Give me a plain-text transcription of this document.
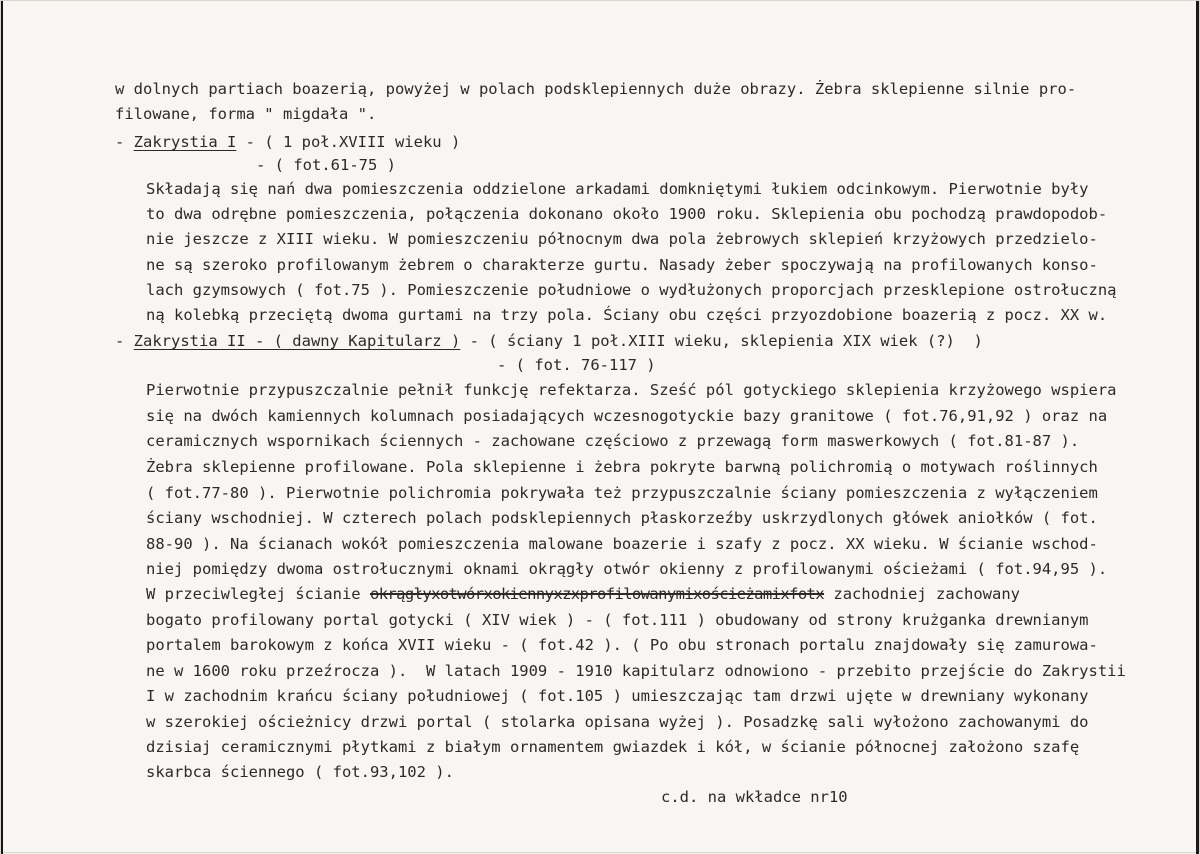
w dolnych partiach boazerią, powyżej w polach podsklepiennych duże obrazy. Żebra sklepienne silnie pro-
filowane, forma " migdała ".
- Zakrystia I - ( 1 poł.XVIII wieku )
- ( fot.61-75 )
Składają się nań dwa pomieszczenia oddzielone arkadami domkniętymi łukiem odcinkowym. Pierwotnie były
to dwa odrębne pomieszczenia, połączenia dokonano około 1900 roku. Sklepienia obu pochodzą prawdopodob-
nie jeszcze z XIII wieku. W pomieszczeniu północnym dwa pola żebrowych sklepień krzyżowych przedzielo-
ne są szeroko profilowanym żebrem o charakterze gurtu. Nasady żeber spoczywają na profilowanych konso-
lach gzymsowych ( fot.75 ). Pomieszczenie południowe o wydłużonych proporcjach przesklepione ostrołuczną
ną kolebką przeciętą dwoma gurtami na trzy pola. Ściany obu części przyozdobione boazerią z pocz. XX w.
- Zakrystia II - ( dawny Kapitularz ) - ( ściany 1 poł.XIII wieku, sklepienia XIX wiek (?)  )
- ( fot. 76-117 )
Pierwotnie przypuszczalnie pełnił funkcję refektarza. Sześć pól gotyckiego sklepienia krzyżowego wspiera
się na dwóch kamiennych kolumnach posiadających wczesnogotyckie bazy granitowe ( fot.76,91,92 ) oraz na
ceramicznych wspornikach ściennych - zachowane częściowo z przewagą form maswerkowych ( fot.81-87 ).
Żebra sklepienne profilowane. Pola sklepienne i żebra pokryte barwną polichromią o motywach roślinnych
( fot.77-80 ). Pierwotnie polichromia pokrywała też przypuszczalnie ściany pomieszczenia z wyłączeniem
ściany wschodniej. W czterech polach podsklepiennych płaskorzeźby uskrzydlonych główek aniołków ( fot.
88-90 ). Na ścianach wokół pomieszczenia malowane boazerie i szafy z pocz. XX wieku. W ścianie wschod-
niej pomiędzy dwoma ostrołucznymi oknami okrągły otwór okienny z profilowanymi ościeżami ( fot.94,95 ).
W przeciwległej ścianie okrągłyxotwórxokiennyxzxprofilowanymixościeżamixfotx zachodniej zachowany
bogato profilowany portal gotycki ( XIV wiek ) - ( fot.111 ) obudowany od strony krużganka drewnianym
portalem barokowym z końca XVII wieku - ( fot.42 ). ( Po obu stronach portalu znajdowały się zamurowa-
ne w 1600 roku przeźrocza ).  W latach 1909 - 1910 kapitularz odnowiono - przebito przejście do Zakrystii
I w zachodnim krańcu ściany południowej ( fot.105 ) umieszczając tam drzwi ujęte w drewniany wykonany
w szerokiej ościeżnicy drzwi portal ( stolarka opisana wyżej ). Posadzkę sali wyłożono zachowanymi do
dzisiaj ceramicznymi płytkami z białym ornamentem gwiazdek i kół, w ścianie północnej założono szafę
skarbca ściennego ( fot.93,102 ).
c.d. na wkładce nr10
